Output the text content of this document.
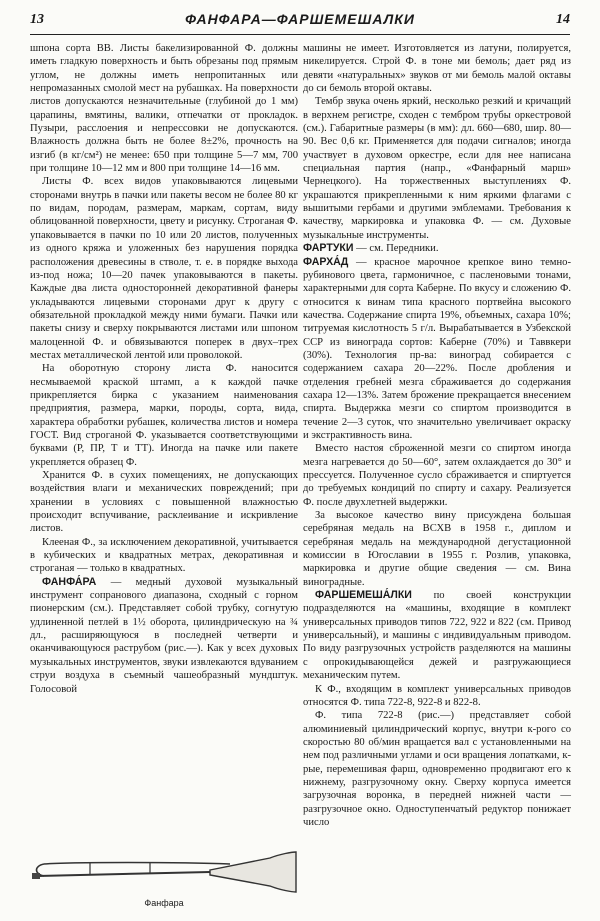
13	ФАНФАРА—ФАРШЕМЕШАЛКИ	14

шпона сорта ВВ. Листы бакелизированной Ф. должны иметь гладкую поверхность и быть обрезаны под прямым углом, не должны иметь непропитанных или непромазанных смолой мест на рубашках. На поверхности листов допускаются незначительные (глубиной до 1 мм) царапины, вмятины, валики, отпечатки от прокладок. Пузыри, расслоения и непрессовки не допускаются. Влажность должна быть не более 8±2%, прочность на изгиб (в кг/см²) не менее: 650 при толщине 5—7 мм, 700 при толщине 10—12 мм и 800 при толщине 14—16 мм.

Листы Ф. всех видов упаковываются лицевыми сторонами внутрь в пачки или пакеты весом не более 80 кг по видам, породам, размерам, маркам, сортам, виду облицованной поверхности, цвету и рисунку. Строганая Ф. упаковывается в пачки по 10 или 20 листов, полученных из одного кряжа и уложенных без нарушения порядка расположения древесины в стволе, т. е. в порядке выхода из-под ножа; 10—20 пачек упаковываются в пакеты. Каждые два листа односторонней декоративной фанеры укладываются лицевыми сторонами друг к другу с обязательной прокладкой между ними бумаги. Пачки или пакеты снизу и сверху покрываются листами или шпоном малоценной Ф. и обвязываются поперек в двух–трех местах металлической лентой или проволокой.

На оборотную сторону листа Ф. наносится несмываемой краской штамп, а к каждой пачке прикрепляется бирка с указанием наименования предприятия, размера, марки, породы, сорта, вида, характера обработки рубашек, количества листов и номера ГОСТ. Вид строганой Ф. указывается соответствующими буквами (Р, ПР, Т и ТТ). Иногда на пачке или пакете укрепляется образец Ф.

Хранится Ф. в сухих помещениях, не допускающих воздействия влаги и механических повреждений; при хранении в условиях с повышенной влажностью происходит вспучивание, расклеивание и искривление листов.

Клееная Ф., за исключением декоративной, учитывается в кубических и квадратных метрах, декоративная и строганая — только в квадратных.

ФАНФА́РА — медный духовой музыкальный инструмент сопранового диапазона, сходный с горном пионерским (см.). Представляет собой трубку, согнутую удлиненной петлей в 1½ оборота, цилиндрическую на ¾ дл., расширяющуюся в последней четверти и оканчивающуюся раструбом (рис.—). Как у всех духовых музыкальных инструментов, звуки извлекаются вдуванием струи воздуха в съемный чашеобразный мундштук. Голосовой

Фанфара

машины не имеет. Изготовляется из латуни, полируется, никелируется. Строй Ф. в тоне ми бемоль; дает ряд из девяти «натуральных» звуков от ми бемоль малой октавы до си бемоль второй октавы.

Тембр звука очень яркий, несколько резкий и кричащий в верхнем регистре, сходен с тембром трубы оркестровой (см.). Габаритные размеры (в мм): дл. 660—680, шир. 80—90. Вес 0,6 кг. Применяется для подачи сигналов; иногда участвует в духовом оркестре, если для нее написана специальная партия (напр., «Фанфарный марш» Чернецкого). На торжественных выступлениях Ф. украшаются прикрепленными к ним яркими флагами с вышитыми гербами и другими эмблемами. Требования к качеству, маркировка и упаковка Ф. — см. Духовые музыкальные инструменты.

ФАРТУКИ — см. Передники.

ФАРХА́Д — красное марочное крепкое вино темно-рубинового цвета, гармоничное, с пасленовыми тонами, характерными для сорта Каберне. По вкусу и сложению Ф. относится к винам типа красного портвейна высокого качества. Содержание спирта 19%, объемных, сахара 10%; титруемая кислотность 5 г/л. Вырабатывается в Узбекской ССР из винограда сортов: Каберне (70%) и Таввкери (30%). Технология пр-ва: виноград собирается с содержанием сахара 20—22%. После дробления и отделения гребней мезга сбраживается до содержания сахара 12—13%. Затем брожение прекращается внесением спирта. Выдержка мезги со спиртом производится в течение 2—3 суток, что значительно увеличивает окраску и экстрактивность вина.

Вместо настоя сброженной мезги со спиртом иногда мезга нагревается до 50—60°, затем охлаждается до 30° и прессуется. Полученное сусло сбраживается и спиртуется до требуемых кондиций по спирту и сахару. Реализуется Ф. после двухлетней выдержки.

За высокое качество вину присуждена большая серебряная медаль на ВСХВ в 1958 г., диплом и серебряная медаль на международной дегустационной комиссии в Югославии в 1955 г. Розлив, упаковка, маркировка и другие общие сведения — см. Вина виноградные.

ФАРШЕМЕША́ЛКИ по своей конструкции подразделяются на «машины, входящие в комплект универсальных приводов типов 722, 922 и 822 (см. Привод универсальный), и машины с индивидуальным приводом. По виду разгрузочных устройств разделяются на машины с опрокидывающейся дежей и разгружающиеся механическим путем.

К Ф., входящим в комплект универсальных приводов относятся Ф. типа 722-8, 922-8 и 822-8.

Ф. типа 722-8 (рис.—) представляет собой алюминиевый цилиндрический корпус, внутри к-рого со скоростью 80 об/мин вращается вал с установленными на нем под различными углами и оси вращения лопатками, к-рые, перемешивая фарш, одновременно продвигают его к нижнему, разгрузочному окну. Сверху корпуса имеется загрузочная воронка, в передней нижней части — разгрузочное окно. Одноступенчатый редуктор понижает число
